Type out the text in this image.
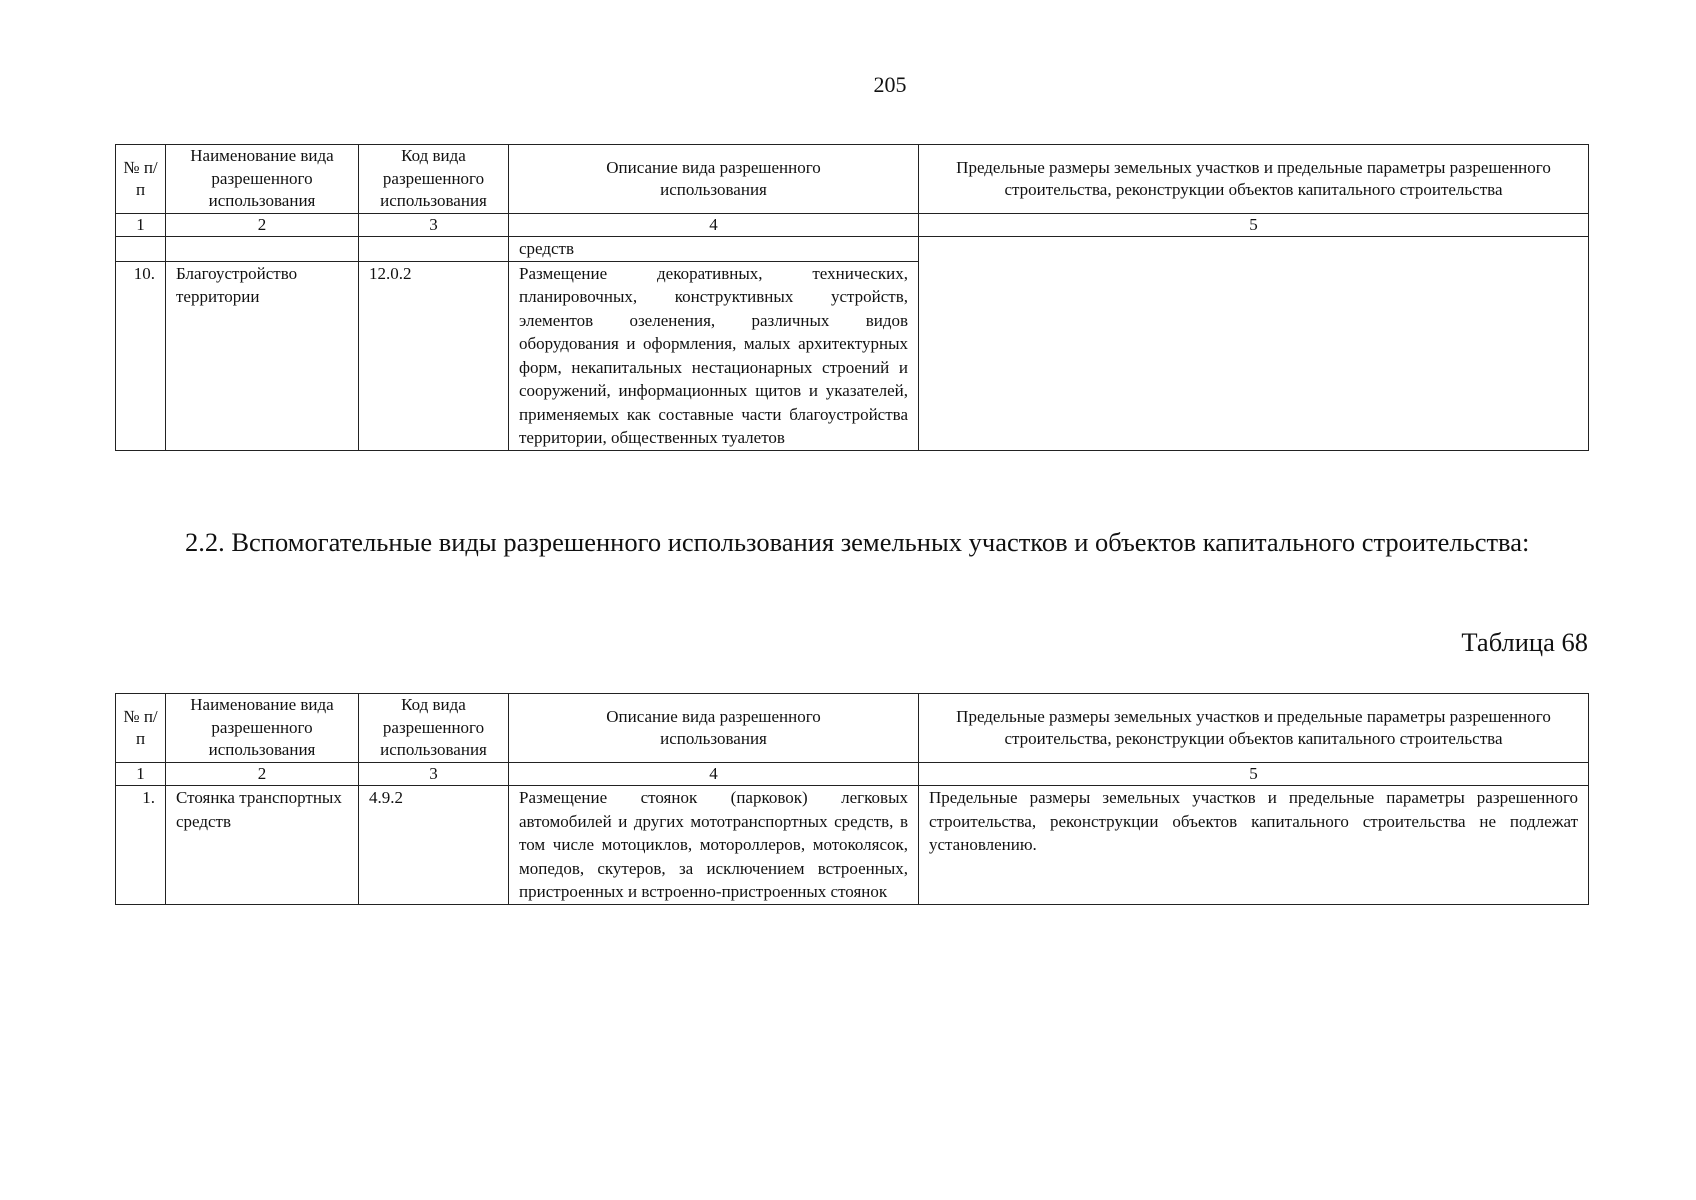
205
№ п/п	Наименование вида разрешенного использования	Код вида разрешенного использования	Описание вида разрешенного использования	Предельные размеры земельных участков и предельные параметры разрешенного строительства, реконструкции объектов капитального строительства
1	2	3	4	5
			средств	
10.	Благоустройство территории	12.0.2	Размещение декоративных, технических, планировочных, конструктивных устройств, элементов озеленения, различных видов оборудования и оформления, малых архитектурных форм, некапитальных нестационарных строений и сооружений, информационных щитов и указателей, применяемых как составные части благоустройства территории, общественных туалетов	
2.2. Вспомогательные виды разрешенного использования земельных участков и объектов капитального строительства:
Таблица 68
№ п/п	Наименование вида разрешенного использования	Код вида разрешенного использования	Описание вида разрешенного использования	Предельные размеры земельных участков и предельные параметры разрешенного строительства, реконструкции объектов капитального строительства
1	2	3	4	5
1.	Стоянка транспортных средств	4.9.2	Размещение стоянок (парковок) легковых автомобилей и других мототранспортных средств, в том числе мотоциклов, мотороллеров, мотоколясок, мопедов, скутеров, за исключением встроенных, пристроенных и встроенно-пристроенных стоянок	Предельные размеры земельных участков и предельные параметры разрешенного строительства, реконструкции объектов капитального строительства не подлежат установлению.
